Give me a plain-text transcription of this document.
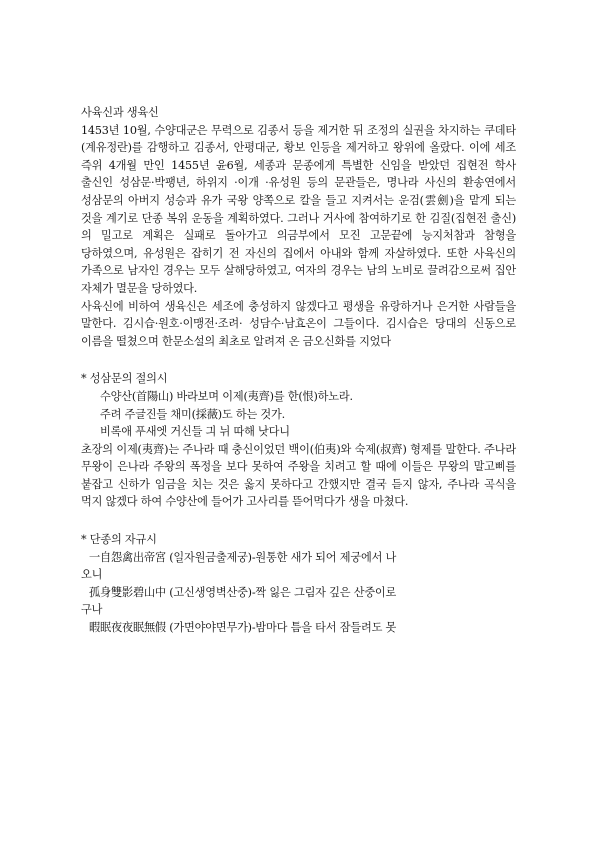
사육신과 생육신

1453년 10월, 수양대군은 무력으로 김종서 등을 제거한 뒤 조정의 실권을 차지하는 쿠데타(계유정란)를 감행하고 김종서, 안평대군, 황보 인등을 제거하고 왕위에 올랐다. 이에 세조 즉위 4개월 만인 1455년 윤6월, 세종과 문종에게 특별한 신임을 받았던 집현전 학사 출신인 성삼문·박팽년, 하위지 ·이개 ·유성원 등의 문관들은, 명나라 사신의 환송연에서 성삼문의 아버지 성승과 유가 국왕 양쪽으로 칼을 들고 지켜서는 운검(雲劍)을 맡게 되는 것을 계기로 단종 복위 운동을 계획하였다. 그러나 거사에 참여하기로 한 김질(집현전 출신)의 밀고로 계획은 실패로 돌아가고 의금부에서 모진 고문끝에 능지처참과 참형을 당하였으며, 유성원은 잡히기 전 자신의 집에서 아내와 함께 자살하였다. 또한 사육신의 가족으로 남자인 경우는 모두 살해당하였고, 여자의 경우는 남의 노비로 끌려감으로써 집안 자체가 멸문을 당하였다.

사육신에 비하여 생육신은 세조에 충성하지 않겠다고 평생을 유랑하거나 은거한 사람들을 말한다. 김시습·원호·이맹전·조려· 성담수·남효온이 그들이다. 김시습은 당대의 신동으로 이름을 떨쳤으며 한문소설의 최초로 알려져 온 금오신화를 지었다

* 성삼문의 절의시

수양산(首陽山) 바라보며 이제(夷齊)를 한(恨)하노라.

주려 주글진들 채미(採薇)도 하는 것가.

비록애 푸새엣 거신들 긔 뉘 따해 낫다니

초장의 이제(夷齊)는 주나라 때 충신이었던 백이(伯夷)와 숙제(叔齊) 형제를 말한다. 주나라 무왕이 은나라 주왕의 폭정을 보다 못하여 주왕을 치려고 할 때에 이들은 무왕의 말고삐를 붙잡고 신하가 임금을 치는 것은 옳지 못하다고 간했지만 결국 듣지 않자, 주나라 곡식을 먹지 않겠다 하여 수양산에 들어가 고사리를 뜯어먹다가 생을 마쳤다.

* 단종의 자규시

一自怨禽出帝宮 (일자원금출제궁)-원통한 새가 되어 제궁에서 나

오니

孤身雙影碧山中 (고신생영벽산중)-짝 잃은 그림자 깊은 산중이로

구나

暇眠夜夜眠無假 (가면야야면무가)-밤마다 틈을 타서 잠들려도 못
